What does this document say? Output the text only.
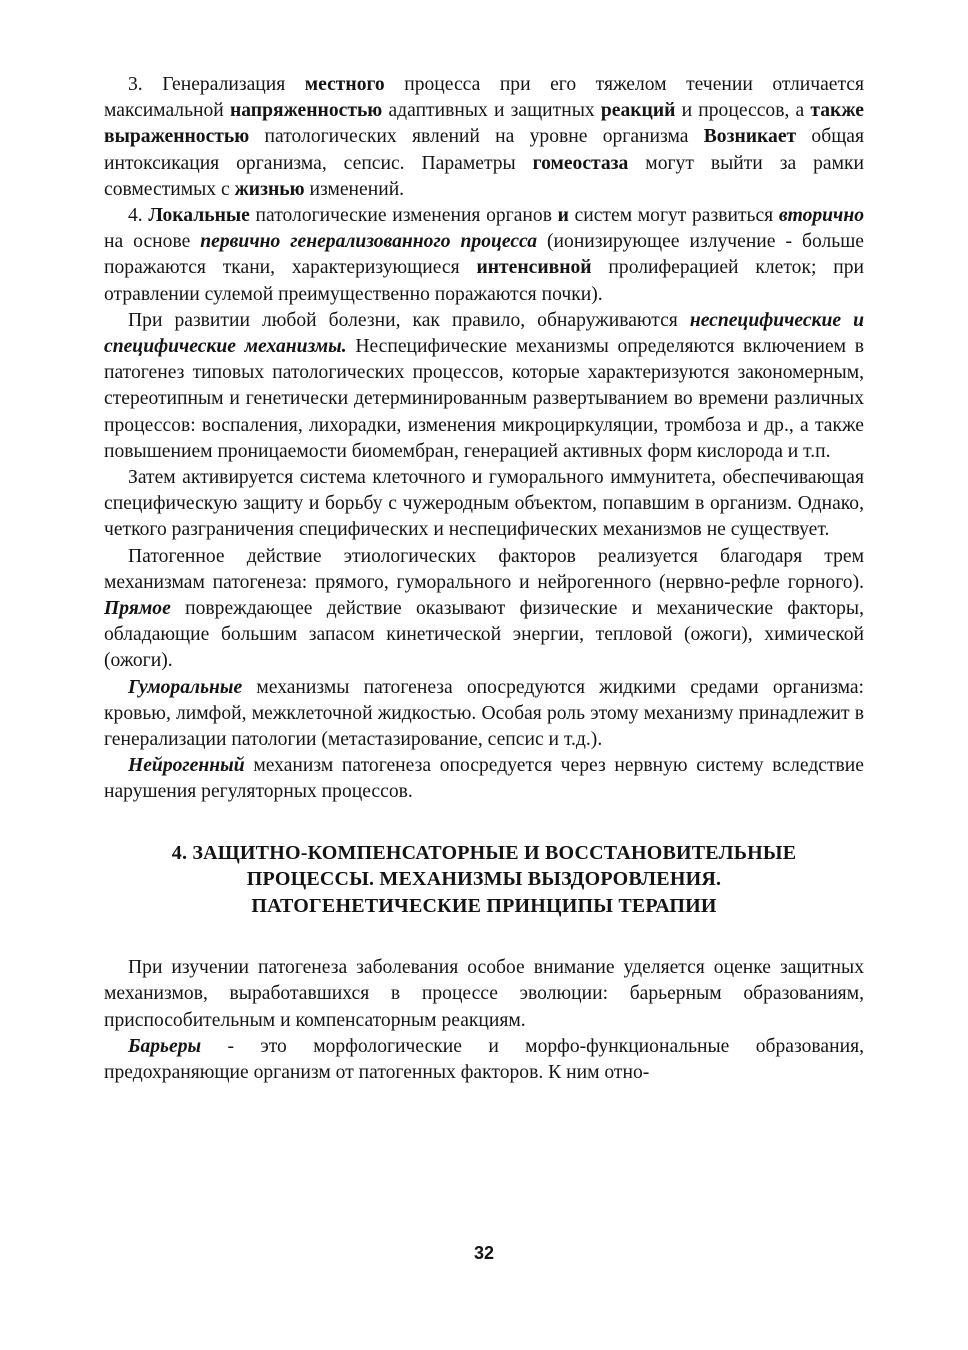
3. Генерализация местного процесса при его тяжелом течении отличается максимальной напряженностью адаптивных и защитных реакций и процессов, а также выраженностью патологических явлений на уровне организма Возникает общая интоксикация организма, сепсис. Параметры гомеостаза могут выйти за рамки совместимых с жизнью изменений.

4. Локальные патологические изменения органов и систем могут развиться вторично на основе первично генерализованного процесса (ионизирующее излучение - больше поражаются ткани, характеризующиеся интенсивной пролиферацией клеток; при отравлении сулемой преимущественно поражаются почки).

При развитии любой болезни, как правило, обнаруживаются неспецифические и специфические механизмы. Неспецифические механизмы определяются включением в патогенез типовых патологических процессов, которые характеризуются закономерным, стереотипным и генетически детерминированным развертыванием во времени различных процессов: воспаления, лихорадки, изменения микроциркуляции, тромбоза и др., а также повышением проницаемости биомембран, генерацией активных форм кислорода и т.п.

Затем активируется система клеточного и гуморального иммунитета, обеспечивающая специфическую защиту и борьбу с чужеродным объектом, попавшим в организм. Однако, четкого разграничения специфических и неспецифических механизмов не существует.

Патогенное действие этиологических факторов реализуется благодаря трем механизмам патогенеза: прямого, гуморального и нейрогенного (нервно-рефле горного). Прямое повреждающее действие оказывают физические и механические факторы, обладающие большим запасом кинетической энергии, тепловой (ожоги), химической (ожоги).

Гуморальные механизмы патогенеза опосредуются жидкими средами организма: кровью, лимфой, межклеточной жидкостью. Особая роль этому механизму принадлежит в генерализации патологии (метастазирование, сепсис и т.д.).

Нейрогенный механизм патогенеза опосредуется через нервную систему вследствие нарушения регуляторных процессов.

4. ЗАЩИТНО-КОМПЕНСАТОРНЫЕ И ВОССТАНОВИТЕЛЬНЫЕ
ПРОЦЕССЫ. МЕХАНИЗМЫ ВЫЗДОРОВЛЕНИЯ.
ПАТОГЕНЕТИЧЕСКИЕ ПРИНЦИПЫ ТЕРАПИИ

При изучении патогенеза заболевания особое внимание уделяется оценке защитных механизмов, выработавшихся в процессе эволюции: барьерным образованиям, приспособительным и компенсаторным реакциям.

Барьеры - это морфологические и морфо-функциональные образования, предохраняющие организм от патогенных факторов. К ним отно-

32
